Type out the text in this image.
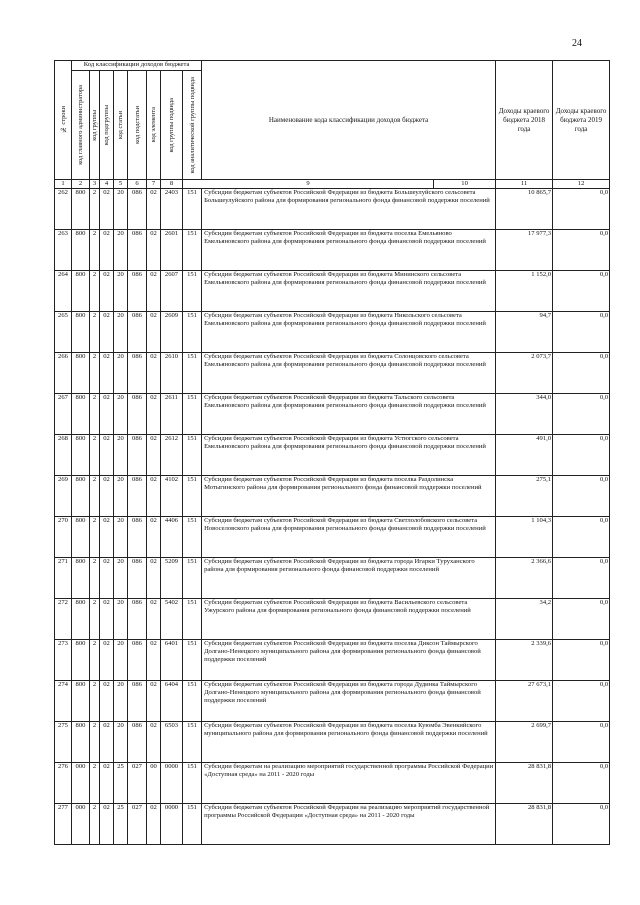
24
№ строки	Код классификации доходов бюджета								Наименование кода классификации доходов бюджета		Доходы краевого бюджета 2018 года	Доходы краевого бюджета 2019 года	

	код главного администратора	код группы	код подгруппы	код статьи	код подстатьи	код элемента	код группы подвида	код аналитической группы подвида					

1	2	3	4	5	6	7	8	9		10	11	12	
262	800	2	02	20	086	02	2403	151	Субсидии бюджетам субъектов Российской Федерации из бюджета Большеулуйского сельсовета Большеулуйского района для формирования регионального фонда финансовой поддержки поселений		10 865,7	0,0	
263	800	2	02	20	086	02	2601	151	Субсидии бюджетам субъектов Российской Федерации из бюджета поселка Емельяново Емельяновского района для формирования регионального фонда финансовой поддержки поселений		17 977,3	0,0	
264	800	2	02	20	086	02	2607	151	Субсидии бюджетам субъектов Российской Федерации из бюджета Мининского сельсовета Емельяновского района для формирования регионального фонда финансовой поддержки поселений		1 152,0	0,0	
265	800	2	02	20	086	02	2609	151	Субсидии бюджетам субъектов Российской Федерации из бюджета Никольского сельсовета Емельяновского района для формирования регионального фонда финансовой поддержки поселений		94,7	0,0	
266	800	2	02	20	086	02	2610	151	Субсидии бюджетам субъектов Российской Федерации из бюджета Солонцовского сельсовета Емельяновского района для формирования регионального фонда финансовой поддержки поселений		2 073,7	0,0	
267	800	2	02	20	086	02	2611	151	Субсидии бюджетам субъектов Российской Федерации из бюджета Тальского сельсовета Емельяновского района для формирования регионального фонда финансовой поддержки поселений		344,0	0,0	
268	800	2	02	20	086	02	2612	151	Субсидии бюджетам субъектов Российской Федерации из бюджета Устюгского сельсовета Емельяновского района для формирования регионального фонда финансовой поддержки поселений		491,0	0,0	
269	800	2	02	20	086	02	4102	151	Субсидии бюджетам субъектов Российской Федерации из бюджета поселка Раздолинска Мотыгинского района для формирования регионального фонда финансовой поддержки поселений		275,1	0,0	
270	800	2	02	20	086	02	4406	151	Субсидии бюджетам субъектов Российской Федерации из бюджета Светлолобовского сельсовета Новоселовского района для формирования регионального фонда финансовой поддержки поселений		1 104,3	0,0	
271	800	2	02	20	086	02	5209	151	Субсидии бюджетам субъектов Российской Федерации из бюджета города Игарки Туруханского района для формирования регионального фонда финансовой поддержки поселений		2 366,6	0,0	
272	800	2	02	20	086	02	5402	151	Субсидии бюджетам субъектов Российской Федерации из бюджета Васильевского сельсовета Ужурского района для формирования регионального фонда финансовой поддержки поселений		34,2	0,0	
273	800	2	02	20	086	02	6401	151	Субсидии бюджетам субъектов Российской Федерации из бюджета поселка Диксон Таймырского Долгано-Ненецкого муниципального района для формирования регионального фонда финансовой поддержки поселений		2 339,6	0,0	
274	800	2	02	20	086	02	6404	151	Субсидии бюджетам субъектов Российской Федерации из бюджета города Дудинка Таймырского Долгано-Ненецкого муниципального района для формирования регионального фонда финансовой поддержки поселений		27 673,1	0,0	
275	800	2	02	20	086	02	6503	151	Субсидии бюджетам субъектов Российской Федерации из бюджета поселка Куюмба Эвенкийского муниципального района для формирования регионального фонда финансовой поддержки поселений		2 699,7	0,0	
276	000	2	02	25	027	00	0000	151	Субсидии бюджетам на реализацию мероприятий государственной программы Российской Федерации «Доступная среда» на 2011 - 2020 годы		28 831,8	0,0	
277	000	2	02	25	027	02	0000	151	Субсидии бюджетам субъектов Российской Федерации на реализацию мероприятий государственной программы Российской Федерации «Доступная среда» на 2011 - 2020 годы		28 831,8	0,0	
